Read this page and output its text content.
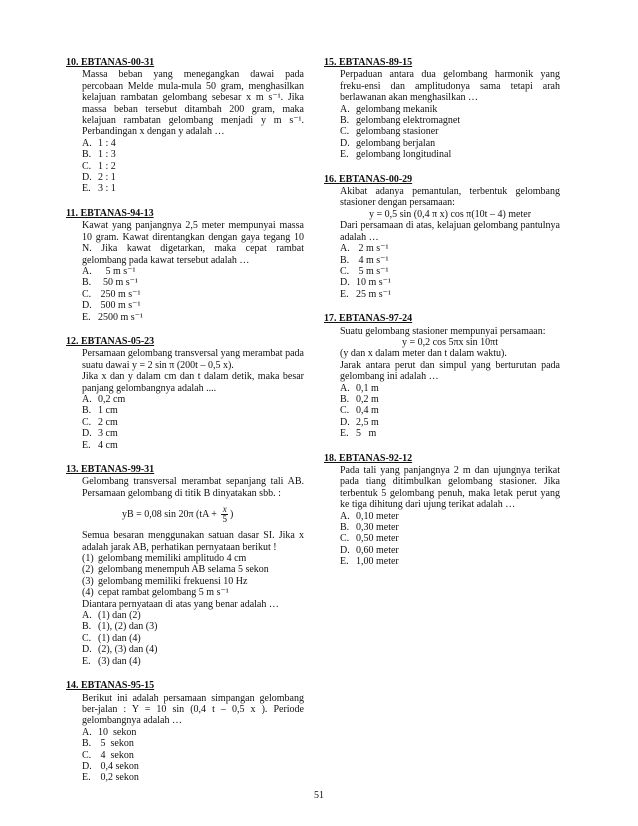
10. EBTANAS-00-31

Massa beban yang menegangkan dawai pada percobaan Melde mula-mula 50 gram, menghasilkan kelajuan rambatan gelombang sebesar x m s⁻¹. Jika massa beban tersebut ditambah 200 gram, maka kelajuan rambatan gelombang menjadi y m s⁻¹. Perbandingan x dengan y adalah …

A. 1 : 4
B. 1 : 3
C. 1 : 2
D. 2 : 1
E. 3 : 1
11. EBTANAS-94-13

Kawat yang panjangnya 2,5 meter mempunyai massa 10 gram. Kawat direntangkan dengan gaya tegang 10 N. Jika kawat digetarkan, maka cepat rambat gelombang pada kawat tersebut adalah …

A. 5 m s⁻¹
B. 50 m s⁻¹
C. 250 m s⁻¹
D. 500 m s⁻¹
E. 2500 m s⁻¹
12. EBTANAS-05-23

Persamaan gelombang transversal yang merambat pada suatu dawai y = 2 sin π (200t – 0,5 x).

Jika x dan y dalam cm dan t dalam detik, maka besar panjang gelombangnya adalah ....

A. 0,2 cm
B. 1 cm
C. 2 cm
D. 3 cm
E. 4 cm
13. EBTANAS-99-31

Gelombang transversal merambat sepanjang tali AB. Persamaan gelombang di titik B dinyatakan sbb. :

yB = 0,08 sin 20π ($tA + \frac{x}{5}$ )

Semua besaran menggunakan satuan dasar SI. Jika x adalah jarak AB, perhatikan pernyataan berikut !

(1) gelombang memiliki amplitudo 4 cm
(2) gelombang menempuh AB selama 5 sekon
(3) gelombang memiliki frekuensi 10 Hz
(4) cepat rambat gelombang 5 m s⁻¹

Diantara pernyataan di atas yang benar adalah …

A. (1) dan (2)
B. (1), (2) dan (3)
C. (1) dan (4)
D. (2), (3) dan (4)
E. (3) dan (4)
14. EBTANAS-95-15

Berikut ini adalah persamaan simpangan gelombang ber-jalan : Y = 10 sin (0,4 t – 0,5 x ). Periode gelombangnya adalah …

A. 10  sekon
B. 5  sekon
C. 4  sekon
D. 0,4 sekon
E. 0,2 sekon
15. EBTANAS-89-15

Perpaduan antara dua gelombang harmonik yang freku-ensi dan amplitudonya sama tetapi arah berlawanan akan menghasilkan …

A. gelombang mekanik
B. gelombang elektromagnet
C. gelombang stasioner
D. gelombang berjalan
E. gelombang longitudinal
16. EBTANAS-00-29

Akibat adanya pemantulan, terbentuk gelombang stasioner dengan persamaan:

y = 0,5 sin (0,4 π x) cos π(10t – 4) meter

Dari persamaan di atas, kelajuan gelombang pantulnya adalah …

A. 2 m s⁻¹
B. 4 m s⁻¹
C. 5 m s⁻¹
D. 10 m s⁻¹
E. 25 m s⁻¹
17. EBTANAS-97-24

Suatu gelombang stasioner mempunyai persamaan:

y = 0,2 cos 5πx sin 10πt

(y dan x dalam meter dan t dalam waktu).

Jarak antara perut dan simpul yang berturutan pada gelombang ini adalah …

A. 0,1 m
B. 0,2 m
C. 0,4 m
D. 2,5 m
E. 5   m
18. EBTANAS-92-12

Pada tali yang panjangnya 2 m dan ujungnya terikat pada tiang ditimbulkan gelombang stasioner. Jika terbentuk 5 gelombang penuh, maka letak perut yang ke tiga dihitung dari ujung terikat adalah …

A. 0,10 meter
B. 0,30 meter
C. 0,50 meter
D. 0,60 meter
E. 1,00 meter
51
